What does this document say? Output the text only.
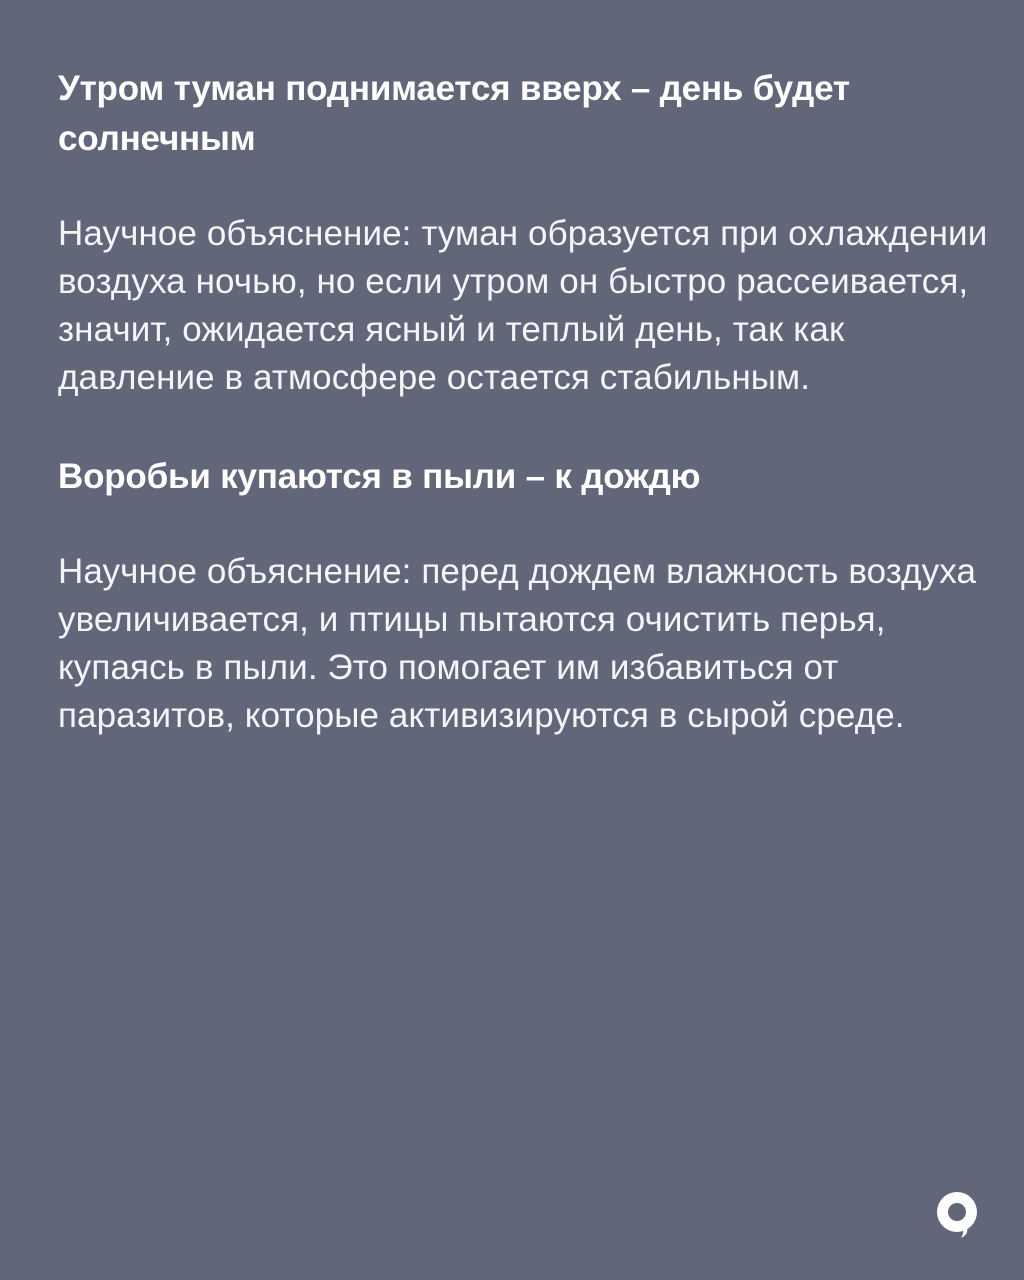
Утром туман поднимается вверх – день будет солнечным

Научное объяснение: туман образуется при охлаждении воздуха ночью, но если утром он быстро рассеивается, значит, ожидается ясный и теплый день, так как давление в атмосфере остается стабильным.

Воробьи купаются в пыли – к дождю

Научное объяснение: перед дождем влажность воздуха увеличивается, и птицы пытаются очистить перья, купаясь в пыли. Это помогает им избавиться от паразитов, которые активизируются в сырой среде.
